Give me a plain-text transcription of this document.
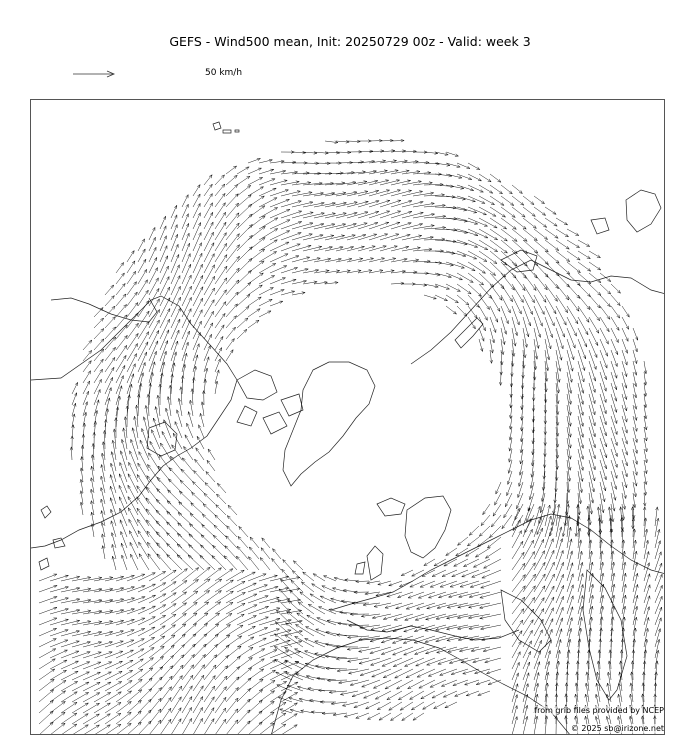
GEFS - Wind500 mean, Init: 20250729 00z - Valid: week 3
50 km/h
from grib files provided by NCEP
© 2025 sb@irizone.net
